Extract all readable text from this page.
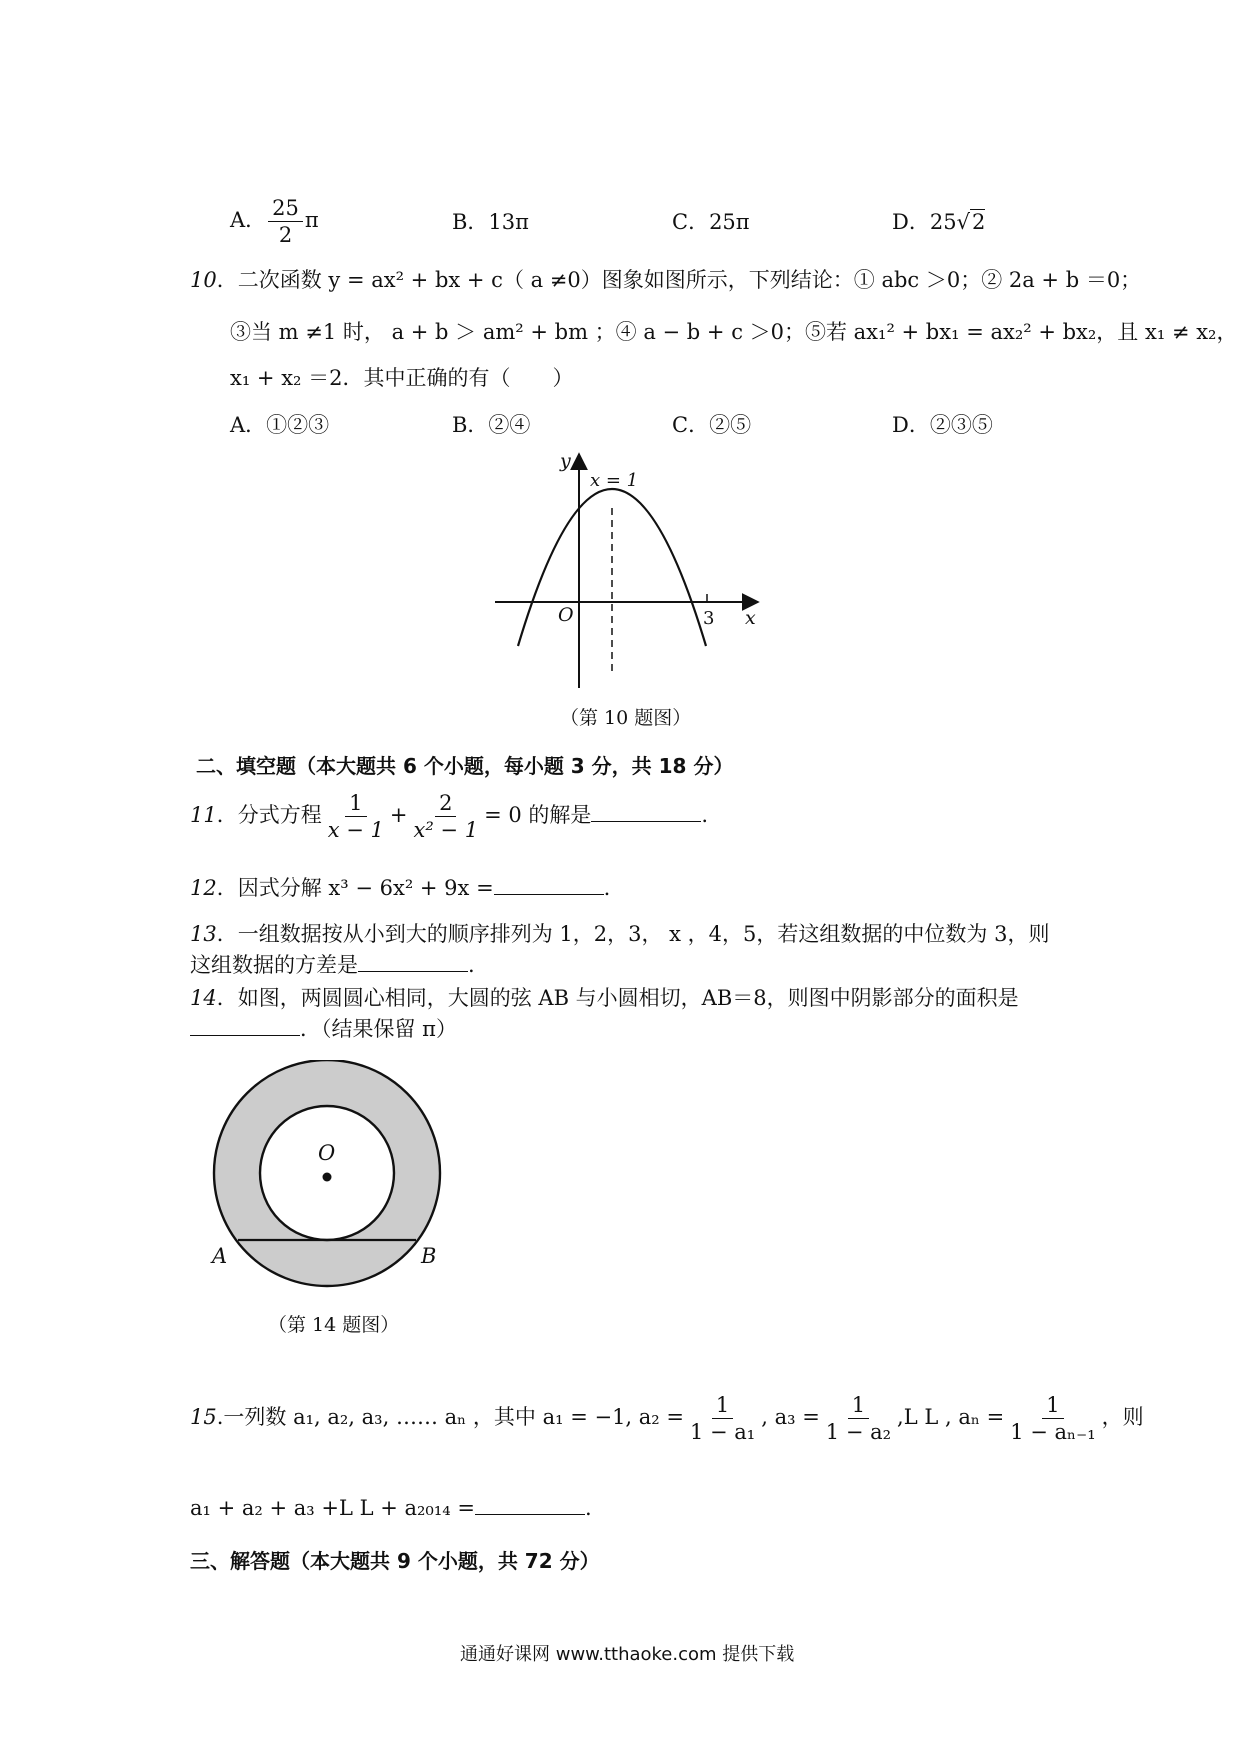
A． $\frac{25}{2}$ π	B．13π	C．25π	D．25√2
10．二次函数 y = ax² + bx + c（ a ≠0）图象如图所示，下列结论：① abc ＞0；② 2a + b ＝0；
③当 m ≠1 时， a + b ＞ am² + bm ；④ a − b + c ＞0；⑤若 ax₁² + bx₁ = ax₂² + bx₂，且 x₁ ≠ x₂，
x₁ + x₂ ＝2．其中正确的有（　　）
A．①②③	B．②④	C．②⑤	D．②③⑤
y
x
O
x = 1
3
（第 10 题图）
二、填空题（本大题共 6 个小题，每小题 3 分，共 18 分）
11．分式方程 $\frac{1}{x - 1} + \frac{2}{\text{x² − 1}} = 0$ 的解是	.
12．因式分解 x³ − 6x² + 9x =	.
13．一组数据按从小到大的顺序排列为 1，2，3， x ，4，5，若这组数据的中位数为 3，则
这组数据的方差是	.
14．如图，两圆圆心相同，大圆的弦 AB 与小圆相切，AB＝8，则图中阴影部分的面积是
．（结果保留 π）
O
A	B
（第 14 题图）
15.一列数 a₁, a₂, a₃, …… aₙ ，其中 a₁ = −1, $a_2 = \frac{1}{\text{1 − a₁}}$ , $a_3 = \frac{1}{\text{1 − a₂}} ,L$ L , $a_n = \frac{1}{\text{1 − aₙ₋₁}}$ ，则
a₁ + a₂ + a₃ +L L + a₂₀₁₄ =	.
三、解答题（本大题共 9 个小题，共 72 分）
通通好课网 www.tthaoke.com 提供下载
